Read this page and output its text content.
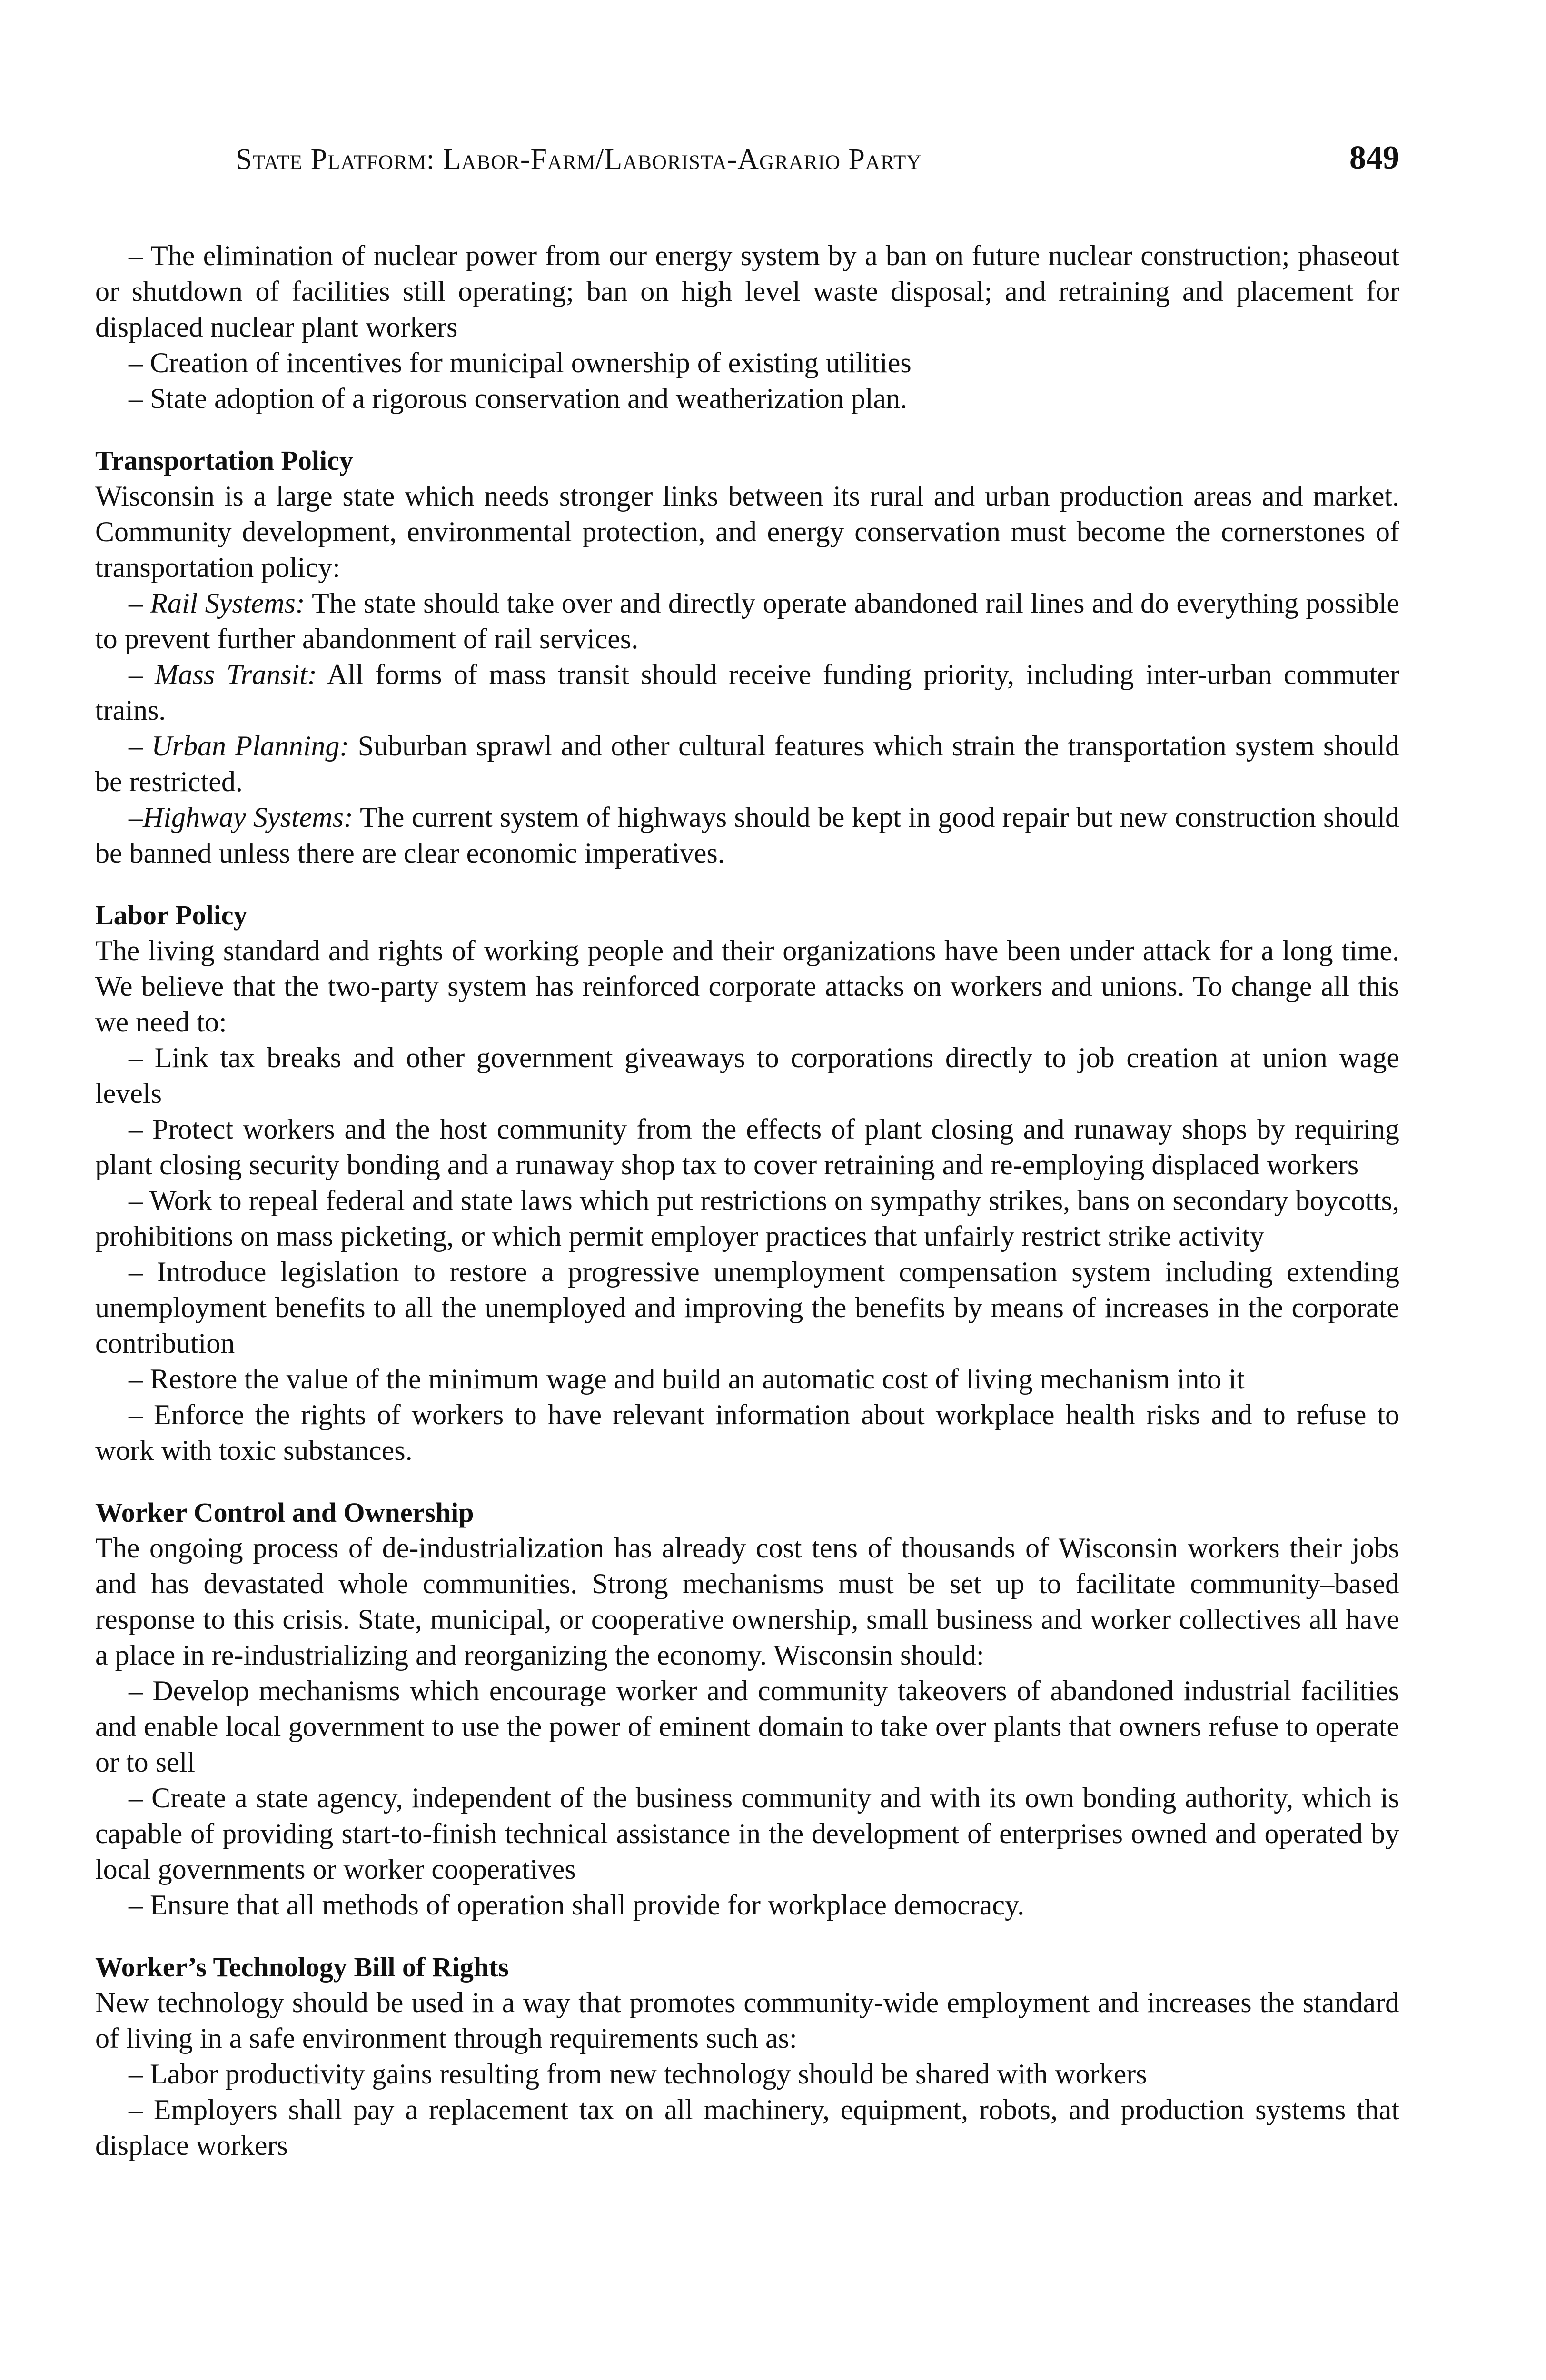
State Platform: Labor-Farm/Laborista-Agrario Party	849

– The elimination of nuclear power from our energy system by a ban on future nuclear construction; phaseout or shutdown of facilities still operating; ban on high level waste disposal; and retraining and placement for displaced nuclear plant workers

– Creation of incentives for municipal ownership of existing utilities

– State adoption of a rigorous conservation and weatherization plan.

Transportation Policy

Wisconsin is a large state which needs stronger links between its rural and urban production areas and market. Community development, environmental protection, and energy conservation must become the cornerstones of transportation policy:

– Rail Systems: The state should take over and directly operate abandoned rail lines and do everything possible to prevent further abandonment of rail services.

– Mass Transit: All forms of mass transit should receive funding priority, including inter-urban commuter trains.

– Urban Planning: Suburban sprawl and other cultural features which strain the transportation system should be restricted.

–Highway Systems: The current system of highways should be kept in good repair but new construction should be banned unless there are clear economic imperatives.

Labor Policy

The living standard and rights of working people and their organizations have been under attack for a long time. We believe that the two-party system has reinforced corporate attacks on workers and unions. To change all this we need to:

– Link tax breaks and other government giveaways to corporations directly to job creation at union wage levels

– Protect workers and the host community from the effects of plant closing and runaway shops by requiring plant closing security bonding and a runaway shop tax to cover retraining and re-employing displaced workers

– Work to repeal federal and state laws which put restrictions on sympathy strikes, bans on secondary boycotts, prohibitions on mass picketing, or which permit employer practices that unfairly restrict strike activity

– Introduce legislation to restore a progressive unemployment compensation system including extending unemployment benefits to all the unemployed and improving the benefits by means of increases in the corporate contribution

– Restore the value of the minimum wage and build an automatic cost of living mechanism into it

– Enforce the rights of workers to have relevant information about workplace health risks and to refuse to work with toxic substances.

Worker Control and Ownership

The ongoing process of de-industrialization has already cost tens of thousands of Wisconsin workers their jobs and has devastated whole communities. Strong mechanisms must be set up to facilitate community–based response to this crisis. State, municipal, or cooperative ownership, small business and worker collectives all have a place in re-industrializing and reorganizing the economy. Wisconsin should:

– Develop mechanisms which encourage worker and community takeovers of abandoned industrial facilities and enable local government to use the power of eminent domain to take over plants that owners refuse to operate or to sell

– Create a state agency, independent of the business community and with its own bonding authority, which is capable of providing start-to-finish technical assistance in the development of enterprises owned and operated by local governments or worker cooperatives

– Ensure that all methods of operation shall provide for workplace democracy.

Worker’s Technology Bill of Rights

New technology should be used in a way that promotes community-wide employment and increases the standard of living in a safe environment through requirements such as:

– Labor productivity gains resulting from new technology should be shared with workers

– Employers shall pay a replacement tax on all machinery, equipment, robots, and production systems that displace workers
